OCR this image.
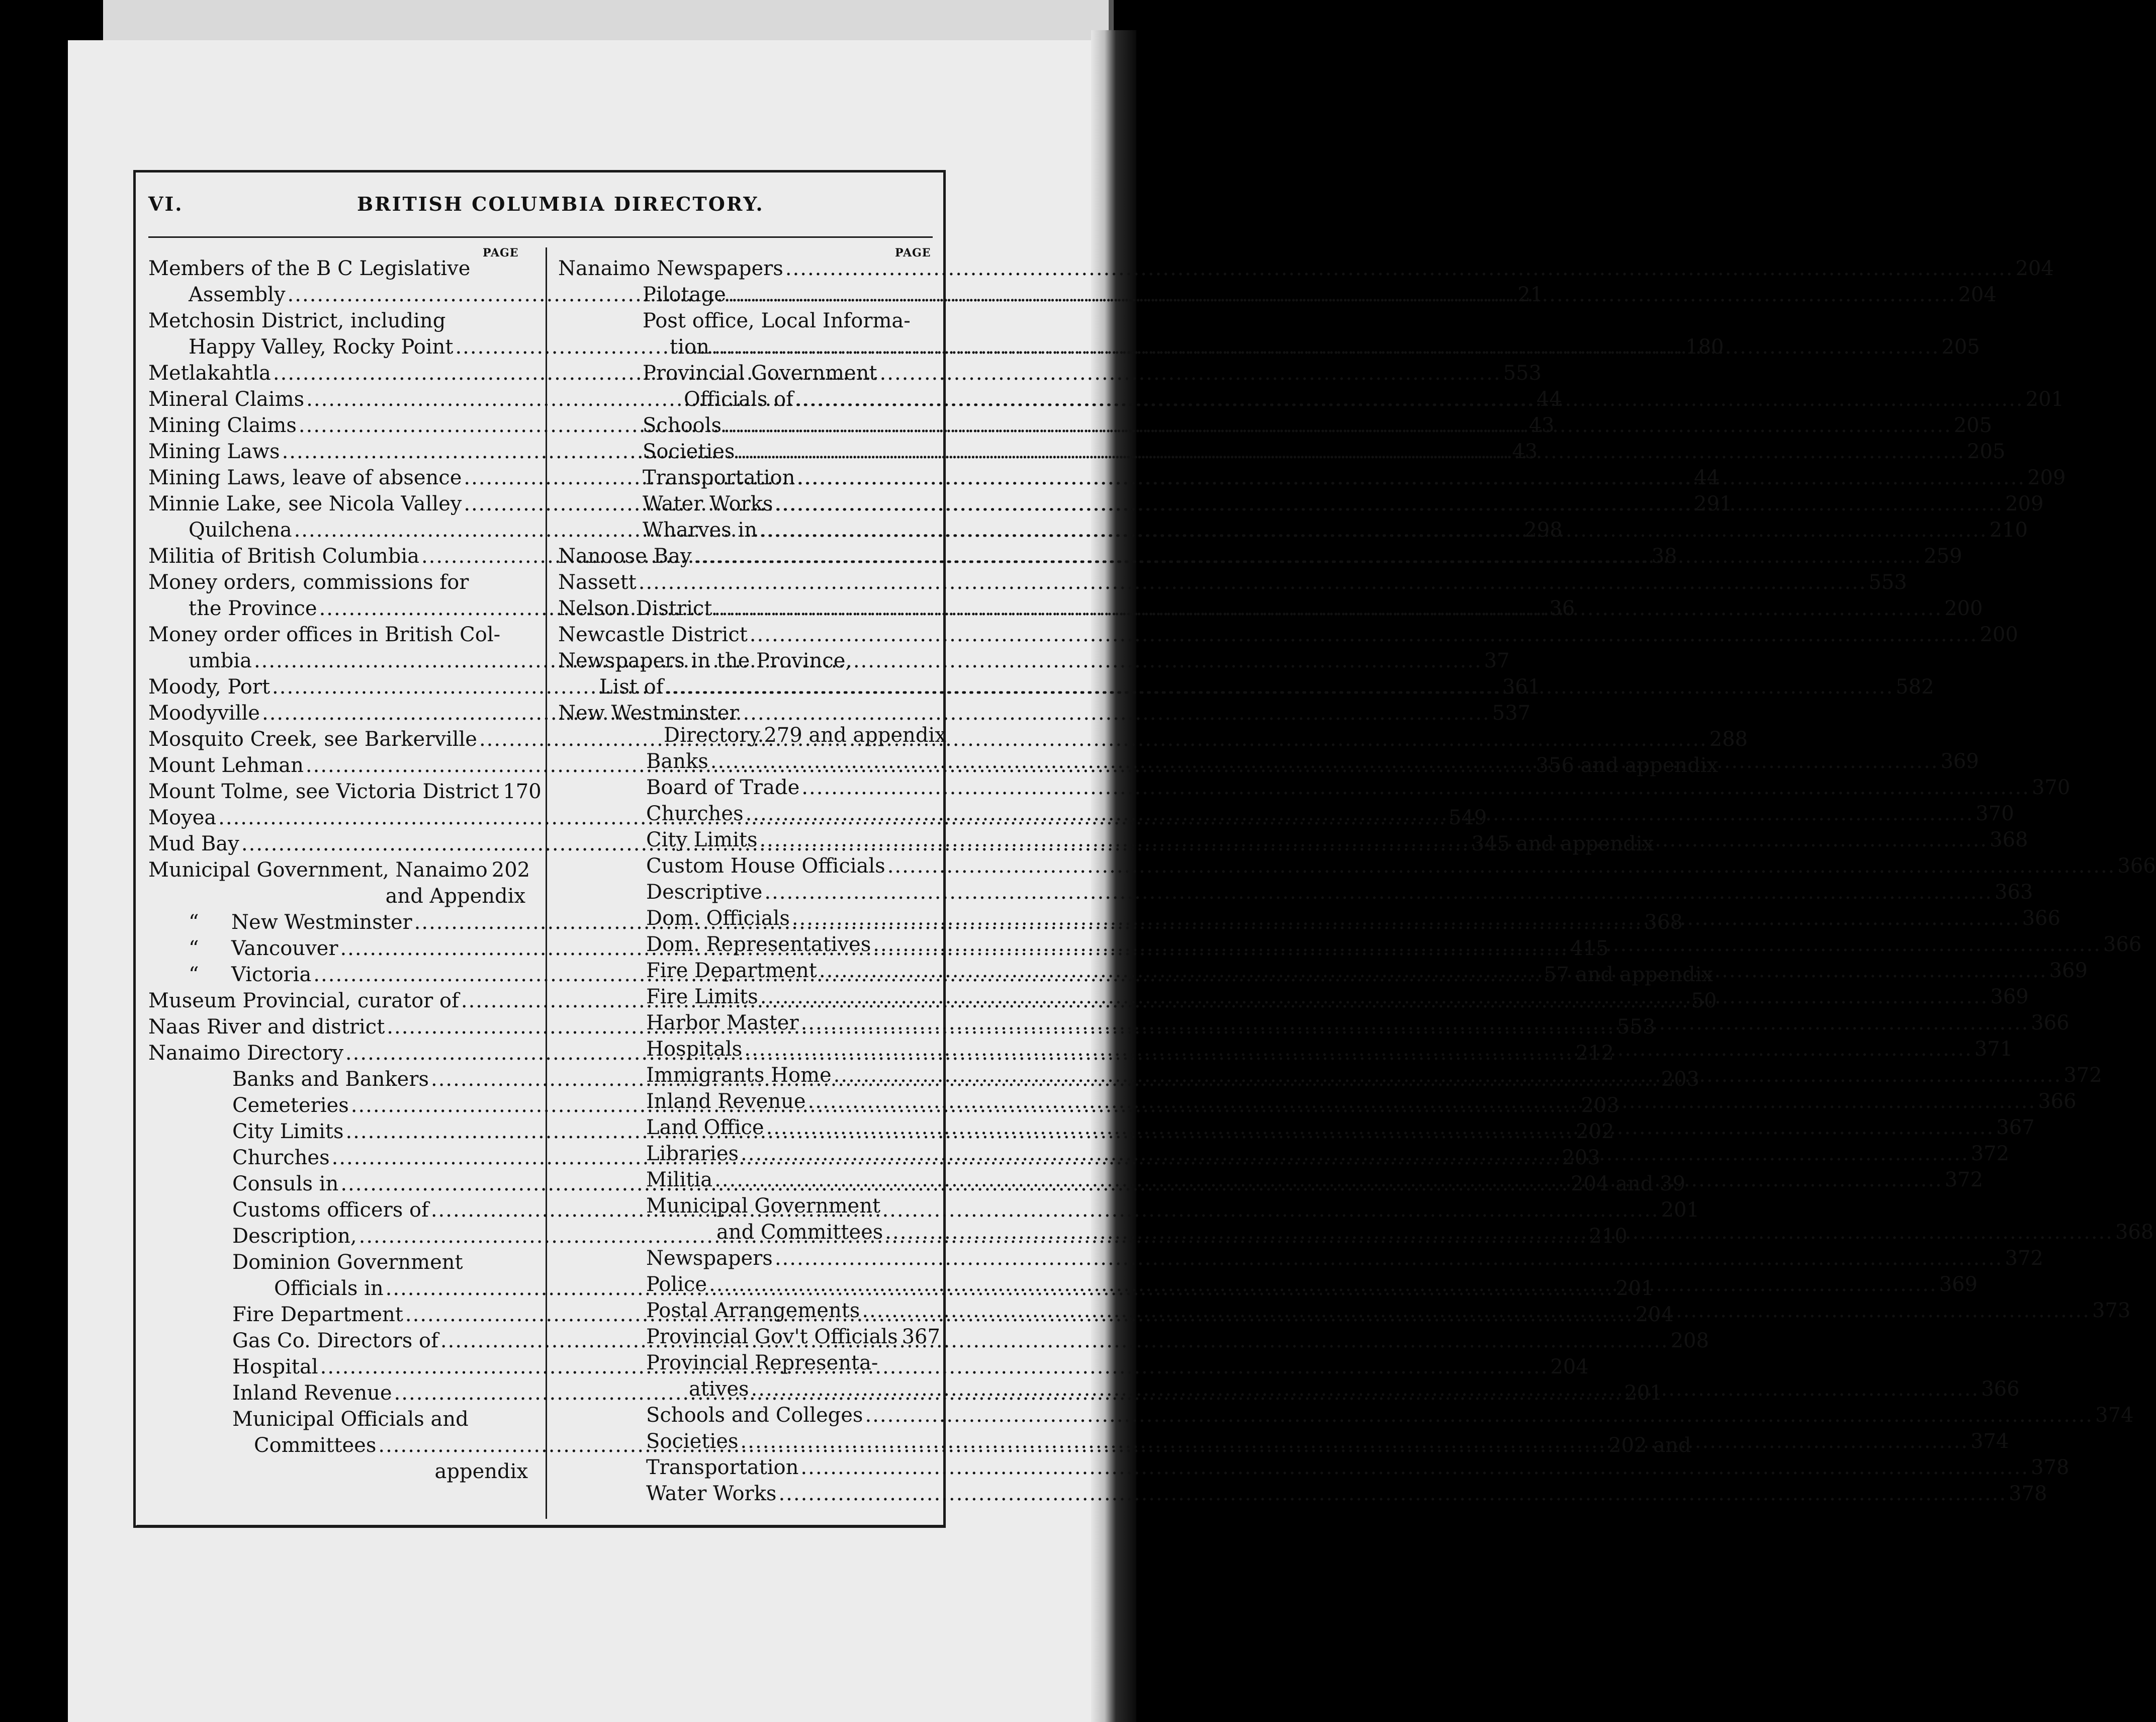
VI.	BRITISH COLUMBIA DIRECTORY.
PAGE	PAGE
Members of the B C Legislative
Assembly .....	21
Metchosin District, including
Happy Valley, Rocky Point .....	180
Metlakahtla .....	553
Mineral Claims .....	44
Mining Claims .....	43
Mining Laws .....	43
Mining Laws, leave of absence .....	44
Minnie Lake, see Nicola Valley .....	291
Quilchena .....	298
Militia of British Columbia .....	38
Money orders, commissions for
the Province .....	36
Money order offices in British Col-
umbia .....	37
Moody, Port .....	361
Moodyville .....	537
Mosquito Creek, see Barkerville .....	288
Mount Lehman .....	356 and appendix
Mount Tolme, see Victoria District 170
Moyea .....	549
Mud Bay .....	345 and appendix
Municipal Government, Nanaimo 202
and Appendix
“ New Westminster .....	368
“ Vancouver .....	415
“ Victoria .....	57 and appendix
Museum Provincial, curator of .....	50
Naas River and district .....	553
Nanaimo Directory .....	212
Banks and Bankers .....	203
Cemeteries .....	203
City Limits .....	202
Churches .....	203
Consuls in .....	204 and 39
Customs officers of .....	201
Description, .....	210
Dominion Government
Officials in .....	201
Fire Department .....	204
Gas Co. Directors of .....	208
Hospital .....	204
Inland Revenue .....	201
Municipal Officials and
Committees .....	202 and
appendix
Nanaimo Newspapers .....	204
Pilotage .....	204
Post office, Local Informa-
tion .....	205
Provincial Government
Officials of .....	201
Schools .....	205
Societies .....	205
Transportation .....	209
Water Works .....	209
Wharves in .....	210
Nanoose Bay .....	259
Nassett .....	553
Nelson District .....	200
Newcastle District .....	200
Newspapers in the Province,
List of .....	582
New Westminster
Directory.279 and appendix
Banks .....	369
Board of Trade .....	370
Churches .....	370
City Limits .....	368
Custom House Officials .....	366
Descriptive .....	363
Dom. Officials .....	366
Dom. Representatives .....	366
Fire Department .....	369
Fire Limits .....	369
Harbor Master .....	366
Hospitals .....	371
Immigrants Home .....	372
Inland Revenue .....	366
Land Office .....	367
Libraries .....	372
Militia .....	372
Municipal Government
and Committees .....	368
Newspapers .....	372
Police .....	369
Postal Arrangements .....	373
Provincial Gov't Officials 367
Provincial Representa-
atives .....	366
Schools and Colleges .....	374
Societies .....	374
Transportation .....	378
Water Works .....	378
